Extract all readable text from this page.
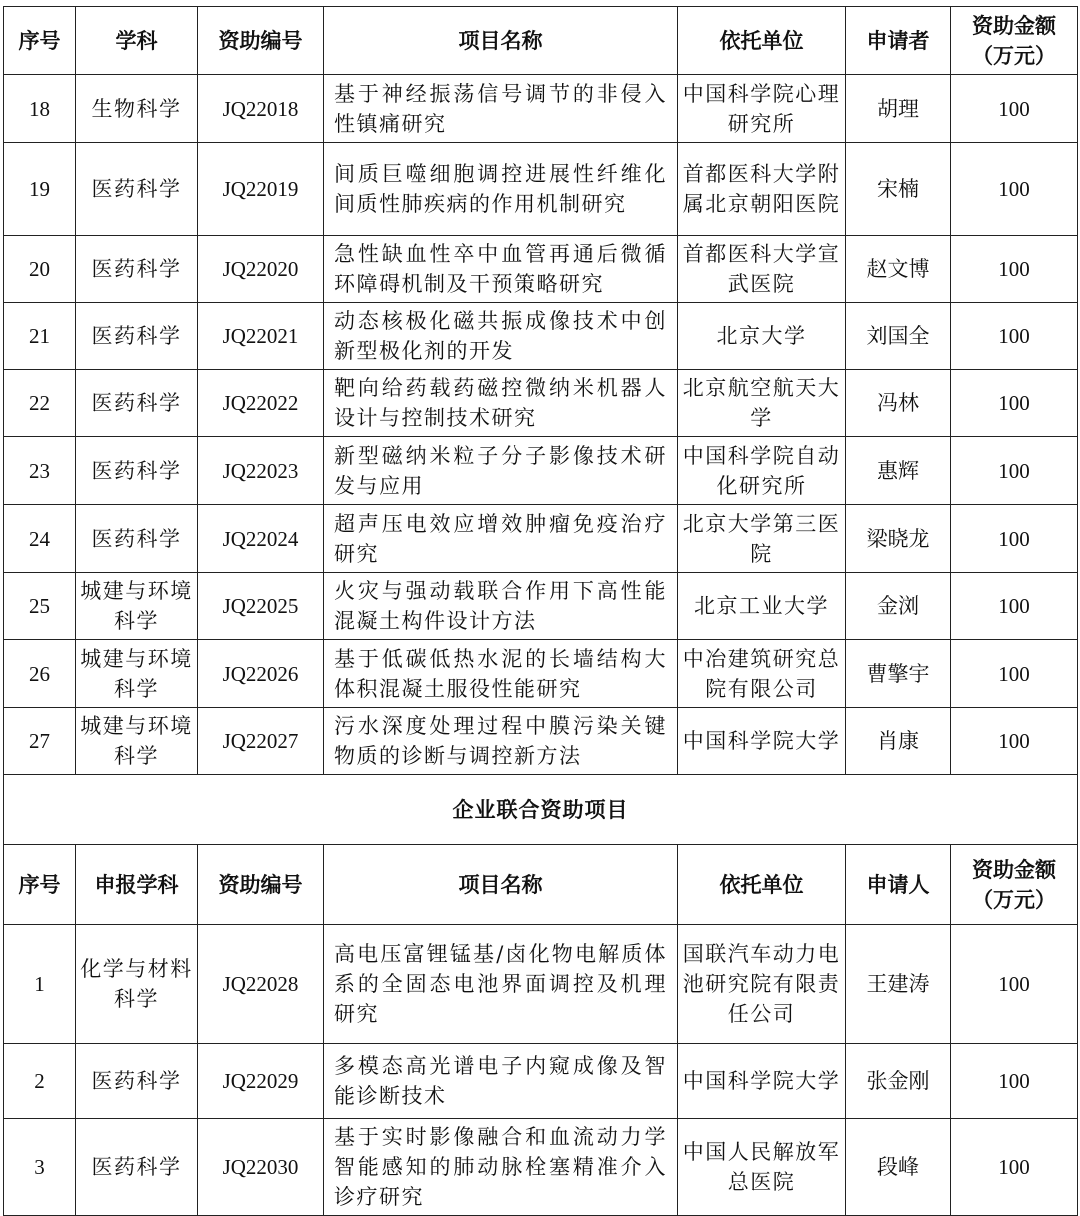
序号	学科	资助编号	项目名称	依托单位	申请者	资助金额
（万元）
18	生物科学	JQ22018	基于神经振荡信号调节的非侵入性镇痛研究	中国科学院心理研究所	胡理	100
19	医药科学	JQ22019	间质巨噬细胞调控进展性纤维化间质性肺疾病的作用机制研究	首都医科大学附属北京朝阳医院	宋楠	100
20	医药科学	JQ22020	急性缺血性卒中血管再通后微循环障碍机制及干预策略研究	首都医科大学宣武医院	赵文博	100
21	医药科学	JQ22021	动态核极化磁共振成像技术中创新型极化剂的开发	北京大学	刘国全	100
22	医药科学	JQ22022	靶向给药载药磁控微纳米机器人设计与控制技术研究	北京航空航天大学	冯林	100
23	医药科学	JQ22023	新型磁纳米粒子分子影像技术研发与应用	中国科学院自动化研究所	惠辉	100
24	医药科学	JQ22024	超声压电效应增效肿瘤免疫治疗研究	北京大学第三医院	梁晓龙	100
25	城建与环境科学	JQ22025	火灾与强动载联合作用下高性能混凝土构件设计方法	北京工业大学	金浏	100
26	城建与环境科学	JQ22026	基于低碳低热水泥的长墙结构大体积混凝土服役性能研究	中冶建筑研究总院有限公司	曹擎宇	100
27	城建与环境科学	JQ22027	污水深度处理过程中膜污染关键物质的诊断与调控新方法	中国科学院大学	肖康	100
企业联合资助项目						
序号	申报学科	资助编号	项目名称	依托单位	申请人	资助金额
（万元）
1	化学与材料科学	JQ22028	高电压富锂锰基/卤化物电解质体系的全固态电池界面调控及机理研究	国联汽车动力电池研究院有限责任公司	王建涛	100
2	医药科学	JQ22029	多模态高光谱电子内窥成像及智能诊断技术	中国科学院大学	张金刚	100
3	医药科学	JQ22030	基于实时影像融合和血流动力学智能感知的肺动脉栓塞精准介入诊疗研究	中国人民解放军总医院	段峰	100
